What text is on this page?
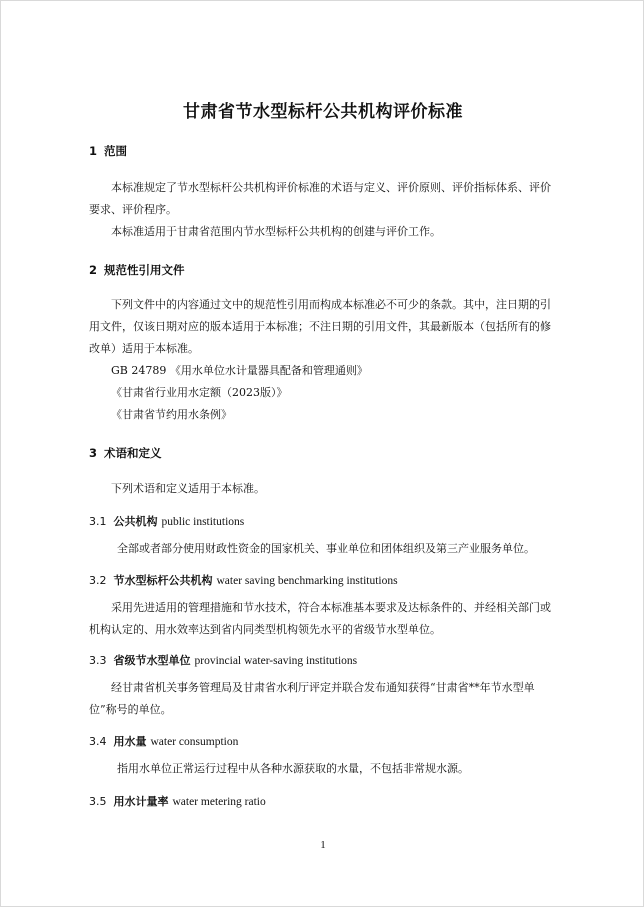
甘肃省节水型标杆公共机构评价标准
1 范围

本标准规定了节水型标杆公共机构评价标准的术语与定义、评价原则、评价指标体系、评价要求、评价程序。

本标准适用于甘肃省范围内节水型标杆公共机构的创建与评价工作。

2 规范性引用文件

下列文件中的内容通过文中的规范性引用而构成本标准必不可少的条款。其中，注日期的引用文件，仅该日期对应的版本适用于本标准；不注日期的引用文件，其最新版本（包括所有的修改单）适用于本标准。

GB 24789 《用水单位水计量器具配备和管理通则》
《甘肃省行业用水定额（2023版）》
《甘肃省节约用水条例》
3 术语和定义
下列术语和定义适用于本标准。
3.1 公共机构 public institutions

全部或者部分使用财政性资金的国家机关、事业单位和团体组织及第三产业服务单位。

3.2 节水型标杆公共机构 water saving benchmarking institutions

采用先进适用的管理措施和节水技术，符合本标准基本要求及达标条件的、并经相关部门或机构认定的、用水效率达到省内同类型机构领先水平的省级节水型单位。

3.3 省级节水型单位 provincial water-saving institutions

经甘肃省机关事务管理局及甘肃省水利厅评定并联合发布通知获得“甘肃省**年节水型单位”称号的单位。

3.4 用水量 water consumption

指用水单位正常运行过程中从各种水源获取的水量，不包括非常规水源。

3.5 用水计量率 water metering ratio
1
